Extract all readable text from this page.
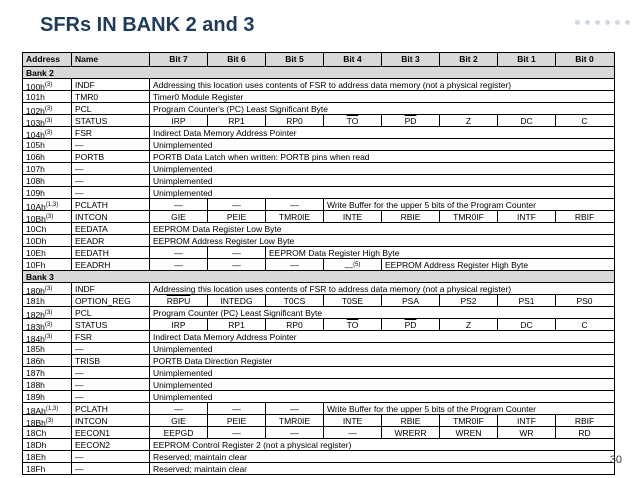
SFRs IN BANK 2 and 3
Address	Name	Bit 7	Bit 6	Bit 5	Bit 4	Bit 3	Bit 2	Bit 1	Bit 0
Bank 2
$100h^{(3)}$	INDF	Addressing this location uses contents of FSR to address data memory (not a physical register)
101h	TMR0	Timer0 Module Register
$102h^{(3)}$	PCL	Program Counter's (PC) Least Significant Byte
$103h^{(3)}$	STATUS	IRP	RP1	RP0	$\overline{TO}$	$\overline{PD}$	Z	DC	C
$104h^{(3)}$	FSR	Indirect Data Memory Address Pointer
105h	—	Unimplemented
106h	PORTB	PORTB Data Latch when written: PORTB pins when read
107h	—	Unimplemented
108h	—	Unimplemented
109h	—	Unimplemented
10Ah$^{(1,3)}$	PCLATH	—	—	—	Write Buffer for the upper 5 bits of the Program Counter
10Bh$^{(3)}$	INTCON	GIE	PEIE	TMR0IE	INTE	RBIE	TMR0IF	INTF	RBIF
10Ch	EEDATA	EEPROM Data Register Low Byte
10Dh	EEADR	EEPROM Address Register Low Byte
10Eh	EEDATH	—	—	EEPROM Data Register High Byte
10Fh	EEADRH	—	—	—	—$^{(5)}$	EEPROM Address Register High Byte
Bank 3
$180h^{(3)}$	INDF	Addressing this location uses contents of FSR to address data memory (not a physical register)
181h	OPTION_REG	RBPU	INTEDG	T0CS	T0SE	PSA	PS2	PS1	PS0
$182h^{(3)}$	PCL	Program Counter (PC) Least Significant Byte
$183h^{(3)}$	STATUS	IRP	RP1	RP0	$\overline{TO}$	$\overline{PD}$	Z	DC	C
$184h^{(3)}$	FSR	Indirect Data Memory Address Pointer
185h	—	Unimplemented
186h	TRISB	PORTB Data Direction Register
187h	—	Unimplemented
188h	—	Unimplemented
189h	—	Unimplemented
18Ah$^{(1,3)}$	PCLATH	—	—	—	Write Buffer for the upper 5 bits of the Program Counter
18Bh$^{(3)}$	INTCON	GIE	PEIE	TMR0IE	INTE	RBIE	TMR0IF	INTF	RBIF
18Ch	EECON1	EEPGD	—	—	—	WRERR	WREN	WR	RD
18Dh	EECON2	EEPROM Control Register 2 (not a physical register)
18Eh	—	Reserved; maintain clear
18Fh	—	Reserved; maintain clear
30
